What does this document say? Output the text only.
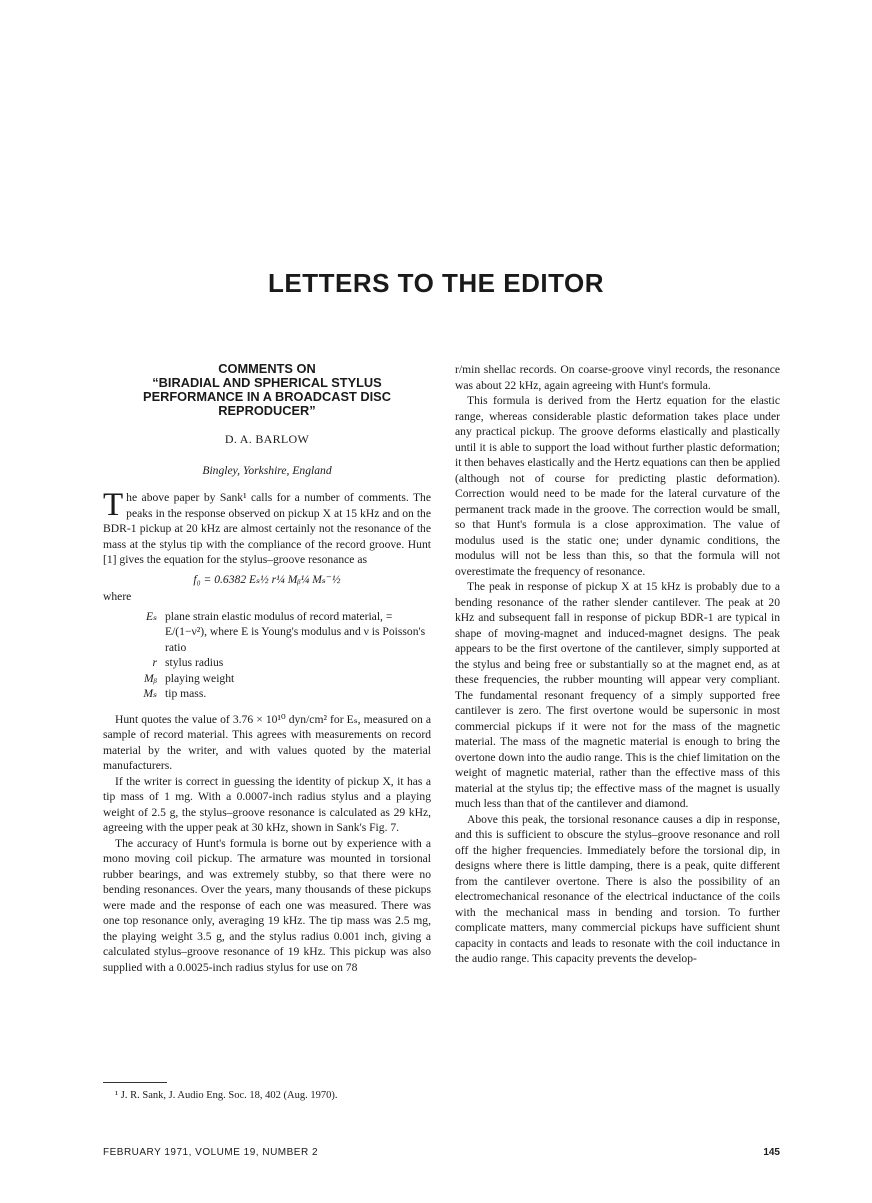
LETTERS TO THE EDITOR
COMMENTS ON
“BIRADIAL AND SPHERICAL STYLUS
PERFORMANCE IN A BROADCAST DISC
REPRODUCER”
D. A. BARLOW
Bingley, Yorkshire, England

The above paper by Sank¹ calls for a number of comments. The peaks in the response observed on pickup X at 15 kHz and on the BDR-1 pickup at 20 kHz are almost certainly not the resonance of the mass at the stylus tip with the compliance of the record groove. Hunt [1] gives the equation for the stylus–groove resonance as

f₀ = 0.6382 Eₛ½ r¼ Mᵦ¼ Mₛ⁻½
where
Eₛ plane strain elastic modulus of record material, = E/(1−ν²), where E is Young's modulus and ν is Poisson's ratio
r stylus radius
Mᵦ playing weight
Mₛ tip mass.

Hunt quotes the value of 3.76 × 10¹⁰ dyn/cm² for Eₛ, measured on a sample of record material. This agrees with measurements on record material by the writer, and with values quoted by the material manufacturers.

If the writer is correct in guessing the identity of pickup X, it has a tip mass of 1 mg. With a 0.0007-inch radius stylus and a playing weight of 2.5 g, the stylus–groove resonance is calculated as 29 kHz, agreeing with the upper peak at 30 kHz, shown in Sank's Fig. 7.

The accuracy of Hunt's formula is borne out by experience with a mono moving coil pickup. The armature was mounted in torsional rubber bearings, and was extremely stubby, so that there were no bending resonances. Over the years, many thousands of these pickups were made and the response of each one was measured. There was one top resonance only, averaging 19 kHz. The tip mass was 2.5 mg, the playing weight 3.5 g, and the stylus radius 0.001 inch, giving a calculated stylus–groove resonance of 19 kHz. This pickup was also supplied with a 0.0025-inch radius stylus for use on 78

r/min shellac records. On coarse-groove vinyl records, the resonance was about 22 kHz, again agreeing with Hunt's formula.

This formula is derived from the Hertz equation for the elastic range, whereas considerable plastic deformation takes place under any practical pickup. The groove deforms elastically and plastically until it is able to support the load without further plastic deformation; it then behaves elastically and the Hertz equations can then be applied (although not of course for predicting plastic deformation). Correction would need to be made for the lateral curvature of the permanent track made in the groove. The correction would be small, so that Hunt's formula is a close approximation. The value of modulus used is the static one; under dynamic conditions, the modulus will not be less than this, so that the formula will not overestimate the frequency of resonance.

The peak in response of pickup X at 15 kHz is probably due to a bending resonance of the rather slender cantilever. The peak at 20 kHz and subsequent fall in response of pickup BDR-1 are typical in shape of moving-magnet and induced-magnet designs. The peak appears to be the first overtone of the cantilever, simply supported at the stylus and being free or substantially so at the magnet end, as at these frequencies, the rubber mounting will appear very compliant. The fundamental resonant frequency of a simply supported free cantilever is zero. The first overtone would be supersonic in most commercial pickups if it were not for the mass of the magnetic material. The mass of the magnetic material is enough to bring the overtone down into the audio range. This is the chief limitation on the weight of magnetic material, rather than the effective mass of this material at the stylus tip; the effective mass of the magnet is usually much less than that of the cantilever and diamond.

Above this peak, the torsional resonance causes a dip in response, and this is sufficient to obscure the stylus–groove resonance and roll off the higher frequencies. Immediately before the torsional dip, in designs where there is little damping, there is a peak, quite different from the cantilever overtone. There is also the possibility of an electromechanical resonance of the electrical inductance of the coils with the mechanical mass in bending and torsion. To further complicate matters, many commercial pickups have sufficient shunt capacity in contacts and leads to resonate with the coil inductance in the audio range. This capacity prevents the develop-

¹ J. R. Sank, J. Audio Eng. Soc. 18, 402 (Aug. 1970).
FEBRUARY 1971, VOLUME 19, NUMBER 2	145
